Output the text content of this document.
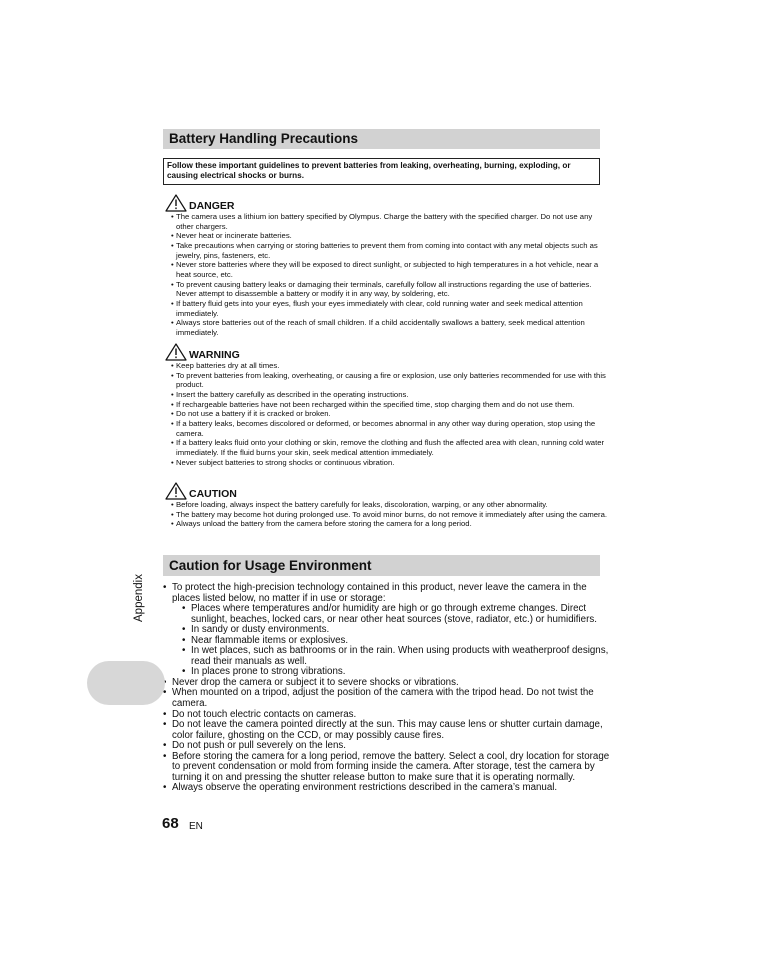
Battery Handling Precautions
Follow these important guidelines to prevent batteries from leaking, overheating, burning, exploding, or causing electrical shocks or burns.
DANGER
• The camera uses a lithium ion battery specified by Olympus. Charge the battery with the specified charger. Do not use any other chargers.
• Never heat or incinerate batteries.
• Take precautions when carrying or storing batteries to prevent them from coming into contact with any metal objects such as jewelry, pins, fasteners, etc.
• Never store batteries where they will be exposed to direct sunlight, or subjected to high temperatures in a hot vehicle, near a heat source, etc.
• To prevent causing battery leaks or damaging their terminals, carefully follow all instructions regarding the use of batteries. Never attempt to disassemble a battery or modify it in any way, by soldering, etc.
• If battery fluid gets into your eyes, flush your eyes immediately with clear, cold running water and seek medical attention immediately.
• Always store batteries out of the reach of small children. If a child accidentally swallows a battery, seek medical attention immediately.
WARNING
• Keep batteries dry at all times.
• To prevent batteries from leaking, overheating, or causing a fire or explosion, use only batteries recommended for use with this product.
• Insert the battery carefully as described in the operating instructions.
• If rechargeable batteries have not been recharged within the specified time, stop charging them and do not use them.
• Do not use a battery if it is cracked or broken.
• If a battery leaks, becomes discolored or deformed, or becomes abnormal in any other way during operation, stop using the camera.
• If a battery leaks fluid onto your clothing or skin, remove the clothing and flush the affected area with clean, running cold water immediately. If the fluid burns your skin, seek medical attention immediately.
• Never subject batteries to strong shocks or continuous vibration.
CAUTION
• Before loading, always inspect the battery carefully for leaks, discoloration, warping, or any other abnormality.
• The battery may become hot during prolonged use. To avoid minor burns, do not remove it immediately after using the camera.
• Always unload the battery from the camera before storing the camera for a long period.
Caution for Usage Environment
• To protect the high-precision technology contained in this product, never leave the camera in the places listed below, no matter if in use or storage:
• Places where temperatures and/or humidity are high or go through extreme changes. Direct sunlight, beaches, locked cars, or near other heat sources (stove, radiator, etc.) or humidifiers.
• In sandy or dusty environments.
• Near flammable items or explosives.
• In wet places, such as bathrooms or in the rain. When using products with weatherproof designs, read their manuals as well.
• In places prone to strong vibrations.
• Never drop the camera or subject it to severe shocks or vibrations.
• When mounted on a tripod, adjust the position of the camera with the tripod head. Do not twist the camera.
• Do not touch electric contacts on cameras.
• Do not leave the camera pointed directly at the sun. This may cause lens or shutter curtain damage, color failure, ghosting on the CCD, or may possibly cause fires.
• Do not push or pull severely on the lens.
• Before storing the camera for a long period, remove the battery. Select a cool, dry location for storage to prevent condensation or mold from forming inside the camera. After storage, test the camera by turning it on and pressing the shutter release button to make sure that it is operating normally.
• Always observe the operating environment restrictions described in the camera’s manual.
Appendix
68 EN
